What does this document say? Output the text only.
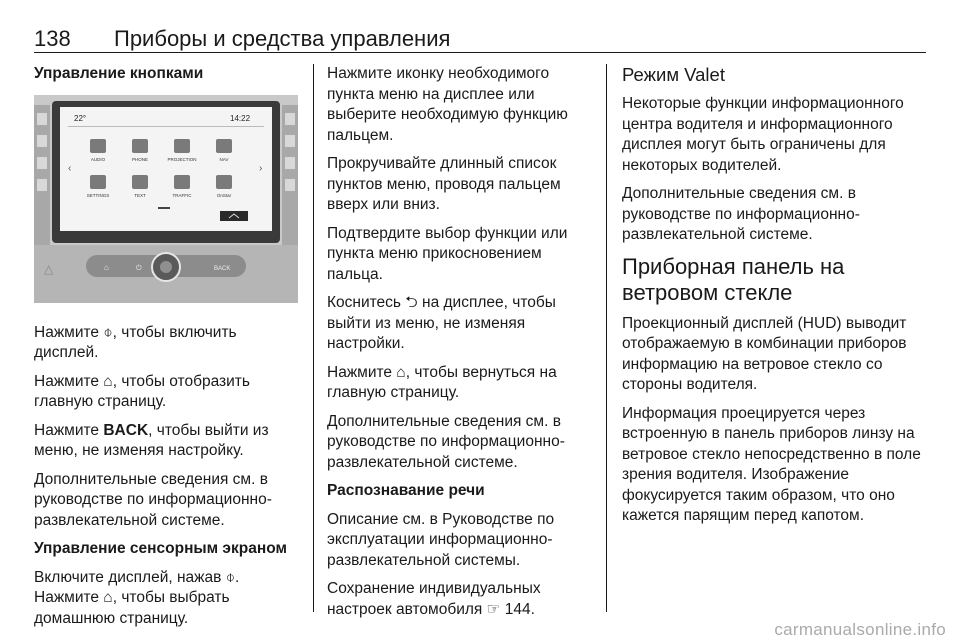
138 Приборы и средства управления

Управление кнопками

22°	14:22
AUDIO	PHONE	PROJECTION	NAV
SETTINGS	TEXT	TRAFFIC	OnStar
‹	›
⌂	⏻	BACK
△

Нажмите ⌽, чтобы включить дисплей.

Нажмите ⌂, чтобы отобразить главную страницу.

Нажмите BACK, чтобы выйти из меню, не изменяя настройку.

Дополнительные сведения см. в руководстве по информационно-развлекательной системе.

Управление сенсорным экраном

Включите дисплей, нажав ⌽. Нажмите ⌂, чтобы выбрать домашнюю страницу.

Нажмите иконку необходимого пункта меню на дисплее или выберите необходимую функцию пальцем.

Прокручивайте длинный список пунктов меню, проводя пальцем вверх или вниз.

Подтвердите выбор функции или пункта меню прикосновением пальца.

Коснитесь ⮌ на дисплее, чтобы выйти из меню, не изменяя настройки.

Нажмите ⌂, чтобы вернуться на главную страницу.

Дополнительные сведения см. в руководстве по информационно-развлекательной системе.

Распознавание речи

Описание см. в Руководстве по эксплуатации информационно-развлекательной системы.

Сохранение индивидуальных настроек автомобиля ☞ 144.

Режим Valet

Некоторые функции информационного центра водителя и информационного дисплея могут быть ограничены для некоторых водителей.

Дополнительные сведения см. в руководстве по информационно-развлекательной системе.

Приборная панель на ветровом стекле

Проекционный дисплей (HUD) выводит отображаемую в комбинации приборов информацию на ветровое стекло со стороны водителя.

Информация проецируется через встроенную в панель приборов линзу на ветровое стекло непосредственно в поле зрения водителя. Изображение фокусируется таким образом, что оно кажется парящим перед капотом.

carmanualsonline.info
